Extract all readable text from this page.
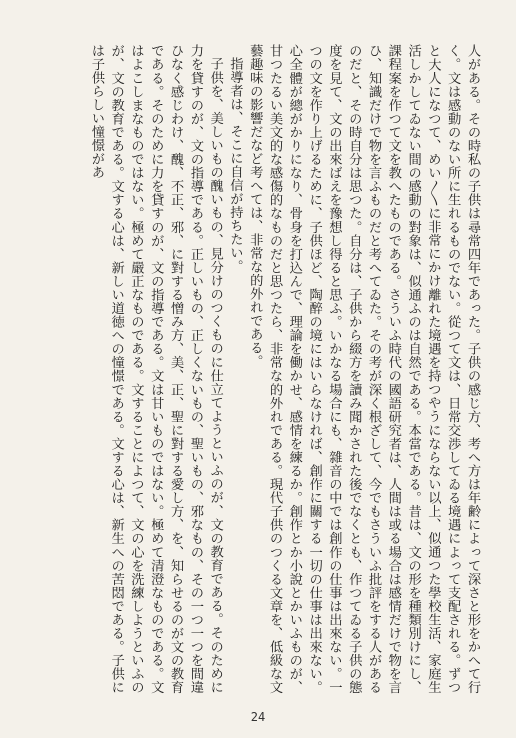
人がある。その時私の子供は尋常四年であった。子供の感じ方、考へ方は年齢によって深さと形をかへて行く。文は感動のない所に生れるものでない。從つて文は、日常交渉してゐる境遇によって支配される。ずつと大人になつて、めい〳〵に非常にかけ離れた境遇を持つやうにならない以上、似通つた學校生活、家庭生活しかしてゐない間の感動の對象は、似通ふのは自然である。本當である。昔は、文の形を種類別けにし、課程案を作つて文を教へたものである。さういふ時代の國語研究者は、人間は或る場合は感情だけで物を言ひ、知識だけで物を言ふものだと考へてゐた。その考が深く根ざして、今でもさういふ批評をする人があるのだと、その時自分は思つた。自分は、子供から綴方を讀み聞かされた後でなくとも、作つてゐる子供の態度を見て、文の出來ばえを豫想し得ると思ふ。いかなる場合にも、雜音の中では創作の仕事は出來ない。一つの文を作り上げるために、子供ほど、陶醉の境にはいらなければ、創作に關する一切の仕事は出來ない。心全體が總がかりになり、骨身を打込んで、理論を働かせ、感情を練るか。創作とか小說とかいふものが、甘つたるい美文的な感傷的なものだと思つたら、非常な的外れである。現代子供のつくる文章を、低級な文藝趣味の影響だなど考へては、非常な的外れである。

指導者は、そこに自信が持ちたい。

子供を、美しいもの醜いもの、見分けのつくものに仕立てようといふのが、文の教育である。そのために力を貸すのが、文の指導である。正しいもの、正しくないもの、聖いもの、邪なもの、その一つ一つを間違ひなく感じわけ、醜、不正、邪、に對する憎み方、美、正、聖に對する愛し方、を、知らせるのが文の教育である。そのために力を貸すのが、文の指導である。文は甘いものではない。極めて清澄なものである。文はよこしまなものではない。極めて嚴正なものである。文することによつて、文の心を洗練しようといふのが、文の教育である。文する心は、新しい道徳への憧憬である。文する心は、新生への苦悶である。子供には子供らしい憧憬があ

24
